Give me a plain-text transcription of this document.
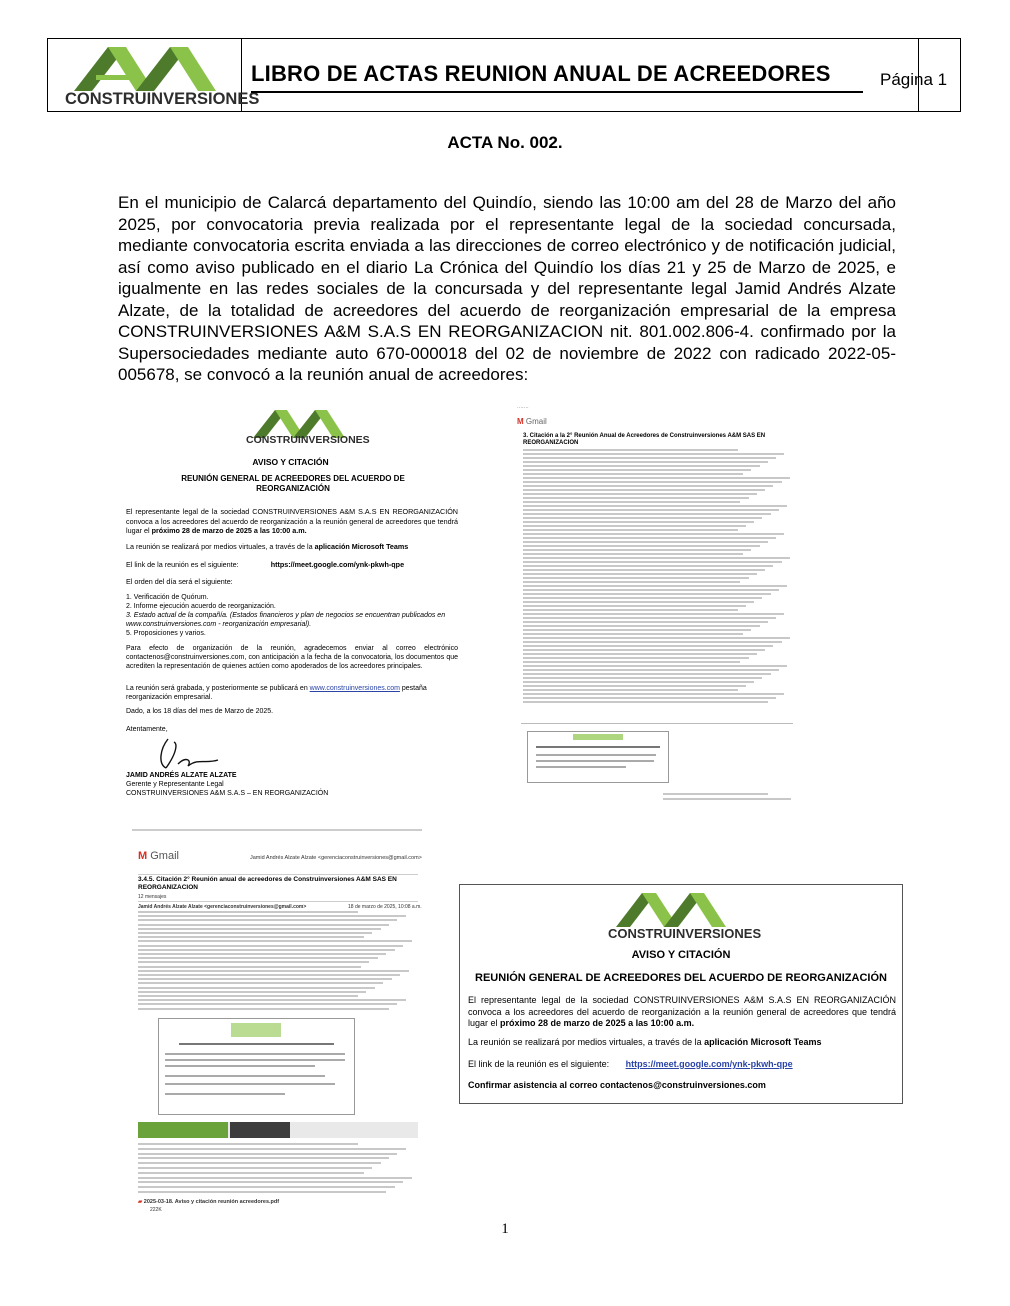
CONSTRUINVERSIONES
LIBRO DE ACTAS REUNION ANUAL DE ACREEDORES	Página 1
ACTA No. 002.
En el municipio de Calarcá departamento del Quindío, siendo las 10:00 am del 28 de Marzo del año 2025, por convocatoria previa realizada por el representante legal de la sociedad concursada, mediante convocatoria escrita enviada a las direcciones de correo electrónico y de notificación judicial, así como aviso publicado en el diario La Crónica del Quindío los días 21 y 25 de Marzo de 2025, e igualmente en las redes sociales de la concursada y del representante legal Jamid Andrés Alzate Alzate, de la totalidad de acreedores del acuerdo de reorganización empresarial de la empresa CONSTRUINVERSIONES A&M S.A.S EN REORGANIZACION nit. 801.002.806-4. confirmado por la Supersociedades mediante auto 670-000018 del 02 de noviembre de 2022 con radicado 2022-05-005678, se convocó a la reunión anual de acreedores:
CONSTRUINVERSIONES
AVISO Y CITACIÓN
REUNIÓN GENERAL DE ACREEDORES DEL ACUERDO DE REORGANIZACIÓN
El representante legal de la sociedad CONSTRUINVERSIONES A&M S.A.S EN REORGANIZACIÓN convoca a los acreedores del acuerdo de reorganización a la reunión general de acreedores que tendrá lugar el próximo 28 de marzo de 2025 a las 10:00 a.m.
La reunión se realizará por medios virtuales, a través de la aplicación Microsoft Teams
El link de la reunión es el siguiente:	https://meet.google.com/ynk-pkwh-qpe
El orden del día será el siguiente:
1. Verificación de Quórum.
2. Informe ejecución acuerdo de reorganización.
3. Estado actual de la compañía. (Estados financieros y plan de negocios se encuentran publicados en www.construinversiones.com - reorganización empresarial).
5. Proposiciones y varios.
Para efecto de organización de la reunión, agradecemos enviar al correo electrónico contactenos@construinversiones.com, con anticipación a la fecha de la convocatoria, los documentos que acrediten la representación de quienes actúen como apoderados de los acreedores principales.
La reunión será grabada, y posteriormente se publicará en www.construinversiones.com pestaña reorganización empresarial.
Dado, a los 18 días del mes de Marzo de 2025.
Atentamente,
JAMID ANDRÉS ALZATE ALZATE
Gerente y Representante Legal
CONSTRUINVERSIONES A&M S.A.S – EN REORGANIZACIÓN
·······
M Gmail
3. Citación a la 2° Reunión Anual de Acreedores de Construinversiones A&M SAS EN REORGANIZACION
M Gmail	Jamid Andrés Alzate Alzate <gerenciaconstruinversiones@gmail.com>
3.4.5. Citación 2° Reunión anual de acreedores de Construinversiones A&M SAS EN REORGANIZACION
12 mensajes
Jamid Andrés Alzate Alzate <gerenciaconstruinversiones@gmail.com>	18 de marzo de 2025, 10:08 a.m.
▰ 2025-03-18. Aviso y citación reunión acreedores.pdf
222K
CONSTRUINVERSIONES
AVISO Y CITACIÓN
REUNIÓN GENERAL DE ACREEDORES DEL ACUERDO DE REORGANIZACIÓN
El representante legal de la sociedad CONSTRUINVERSIONES A&M S.A.S EN REORGANIZACIÓN convoca a los acreedores del acuerdo de reorganización a la reunión general de acreedores que tendrá lugar el próximo 28 de marzo de 2025 a las 10:00 a.m.
La reunión se realizará por medios virtuales, a través de la aplicación Microsoft Teams
El link de la reunión es el siguiente: https://meet.google.com/ynk-pkwh-qpe
Confirmar asistencia al correo contactenos@construinversiones.com
1
